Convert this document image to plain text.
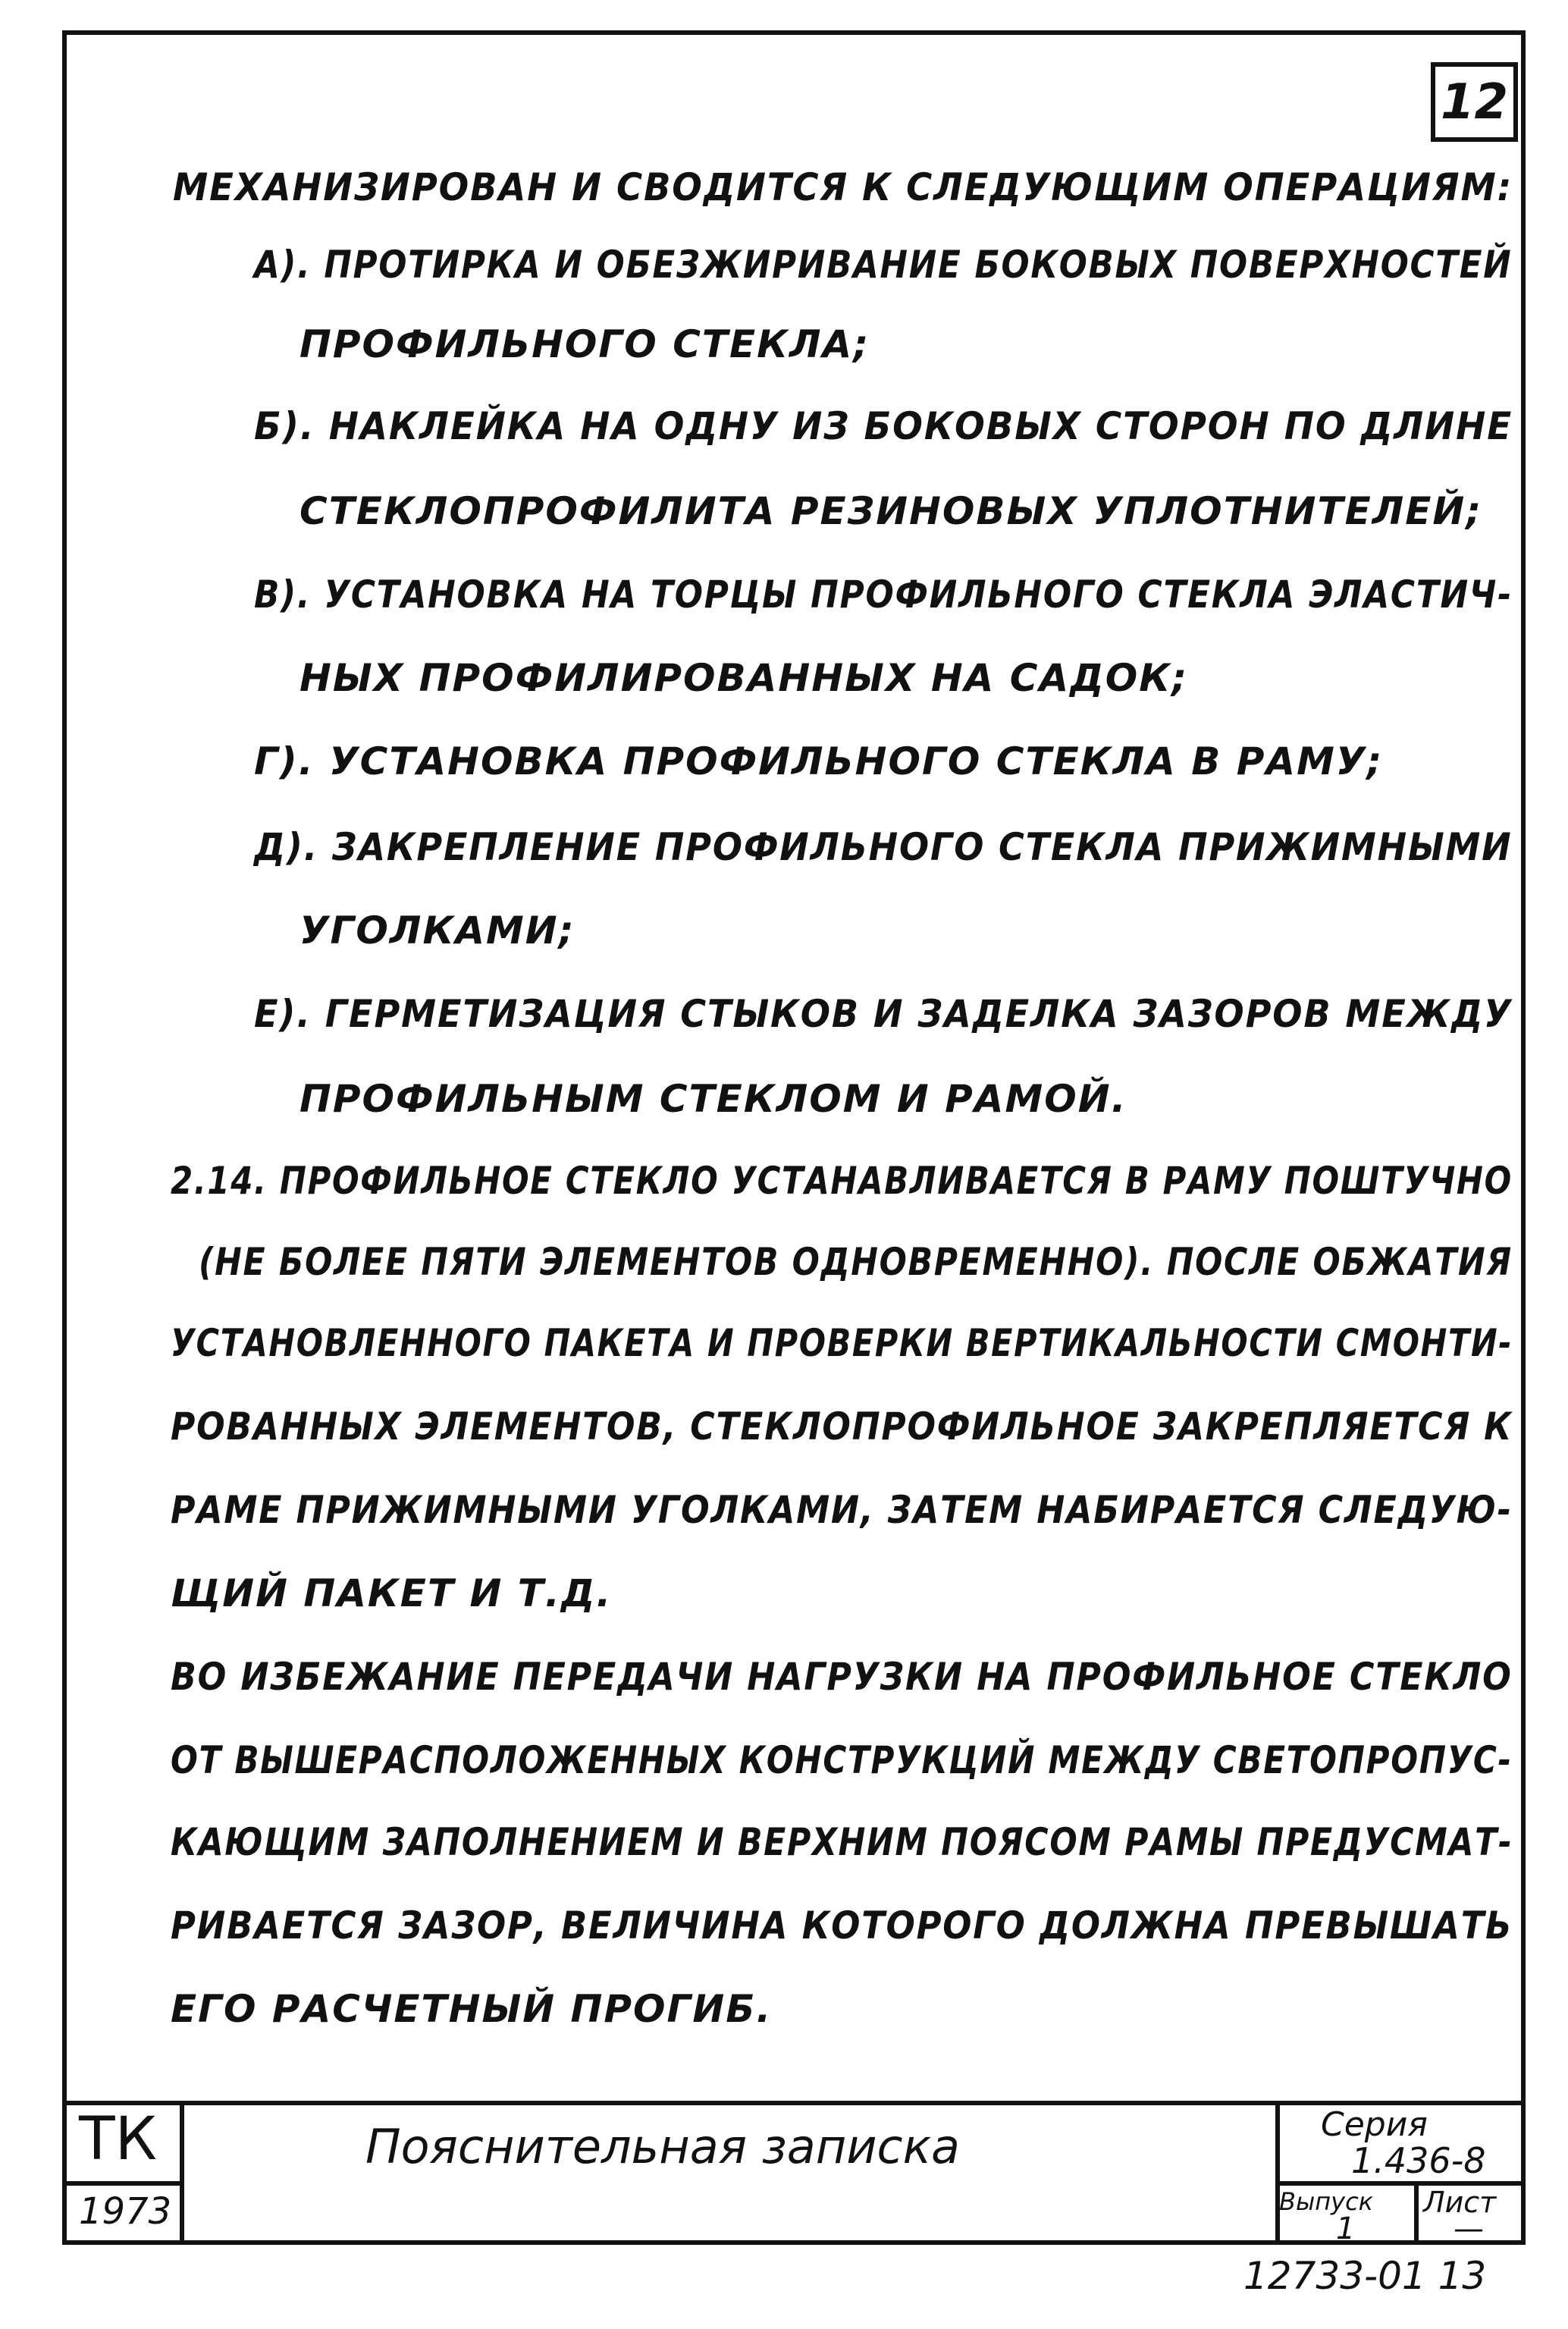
12
МЕХАНИЗИРОВАН И СВОДИТСЯ К СЛЕДУЮЩИМ ОПЕРАЦИЯМ:
А). ПРОТИРКА И ОБЕЗЖИРИВАНИЕ БОКОВЫХ ПОВЕРХНОСТЕЙ
ПРОФИЛЬНОГО СТЕКЛА;
Б). НАКЛЕЙКА НА ОДНУ ИЗ БОКОВЫХ СТОРОН ПО ДЛИНЕ
СТЕКЛОПРОФИЛИТА РЕЗИНОВЫХ УПЛОТНИТЕЛЕЙ;
В). УСТАНОВКА НА ТОРЦЫ ПРОФИЛЬНОГО СТЕКЛА ЭЛАСТИЧ-
НЫХ ПРОФИЛИРОВАННЫХ НА САДОК;
Г). УСТАНОВКА ПРОФИЛЬНОГО СТЕКЛА В РАМУ;
Д). ЗАКРЕПЛЕНИЕ ПРОФИЛЬНОГО СТЕКЛА ПРИЖИМНЫМИ
УГОЛКАМИ;
Е). ГЕРМЕТИЗАЦИЯ СТЫКОВ И ЗАДЕЛКА ЗАЗОРОВ МЕЖДУ
ПРОФИЛЬНЫМ СТЕКЛОМ И РАМОЙ.
2.14. ПРОФИЛЬНОЕ СТЕКЛО УСТАНАВЛИВАЕТСЯ В РАМУ ПОШТУЧНО
(НЕ БОЛЕЕ ПЯТИ ЭЛЕМЕНТОВ ОДНОВРЕМЕННО). ПОСЛЕ ОБЖАТИЯ
УСТАНОВЛЕННОГО ПАКЕТА И ПРОВЕРКИ ВЕРТИКАЛЬНОСТИ СМОНТИ-
РОВАННЫХ ЭЛЕМЕНТОВ, СТЕКЛОПРОФИЛЬНОЕ ЗАКРЕПЛЯЕТСЯ К
РАМЕ ПРИЖИМНЫМИ УГОЛКАМИ, ЗАТЕМ НАБИРАЕТСЯ СЛЕДУЮ-
ЩИЙ ПАКЕТ И Т.Д.
ВО ИЗБЕЖАНИЕ ПЕРЕДАЧИ НАГРУЗКИ НА ПРОФИЛЬНОЕ СТЕКЛО
ОТ ВЫШЕРАСПОЛОЖЕННЫХ КОНСТРУКЦИЙ МЕЖДУ СВЕТОПРОПУС-
КАЮЩИМ ЗАПОЛНЕНИЕМ И ВЕРХНИМ ПОЯСОМ РАМЫ ПРЕДУСМАТ-
РИВАЕТСЯ ЗАЗОР, ВЕЛИЧИНА КОТОРОГО ДОЛЖНА ПРЕВЫШАТЬ
ЕГО РАСЧЕТНЫЙ ПРОГИБ.
ТК
1973
Пояснительная записка	Серия
1.436-8
Выпуск
1
Лист
—
12733-01 13
